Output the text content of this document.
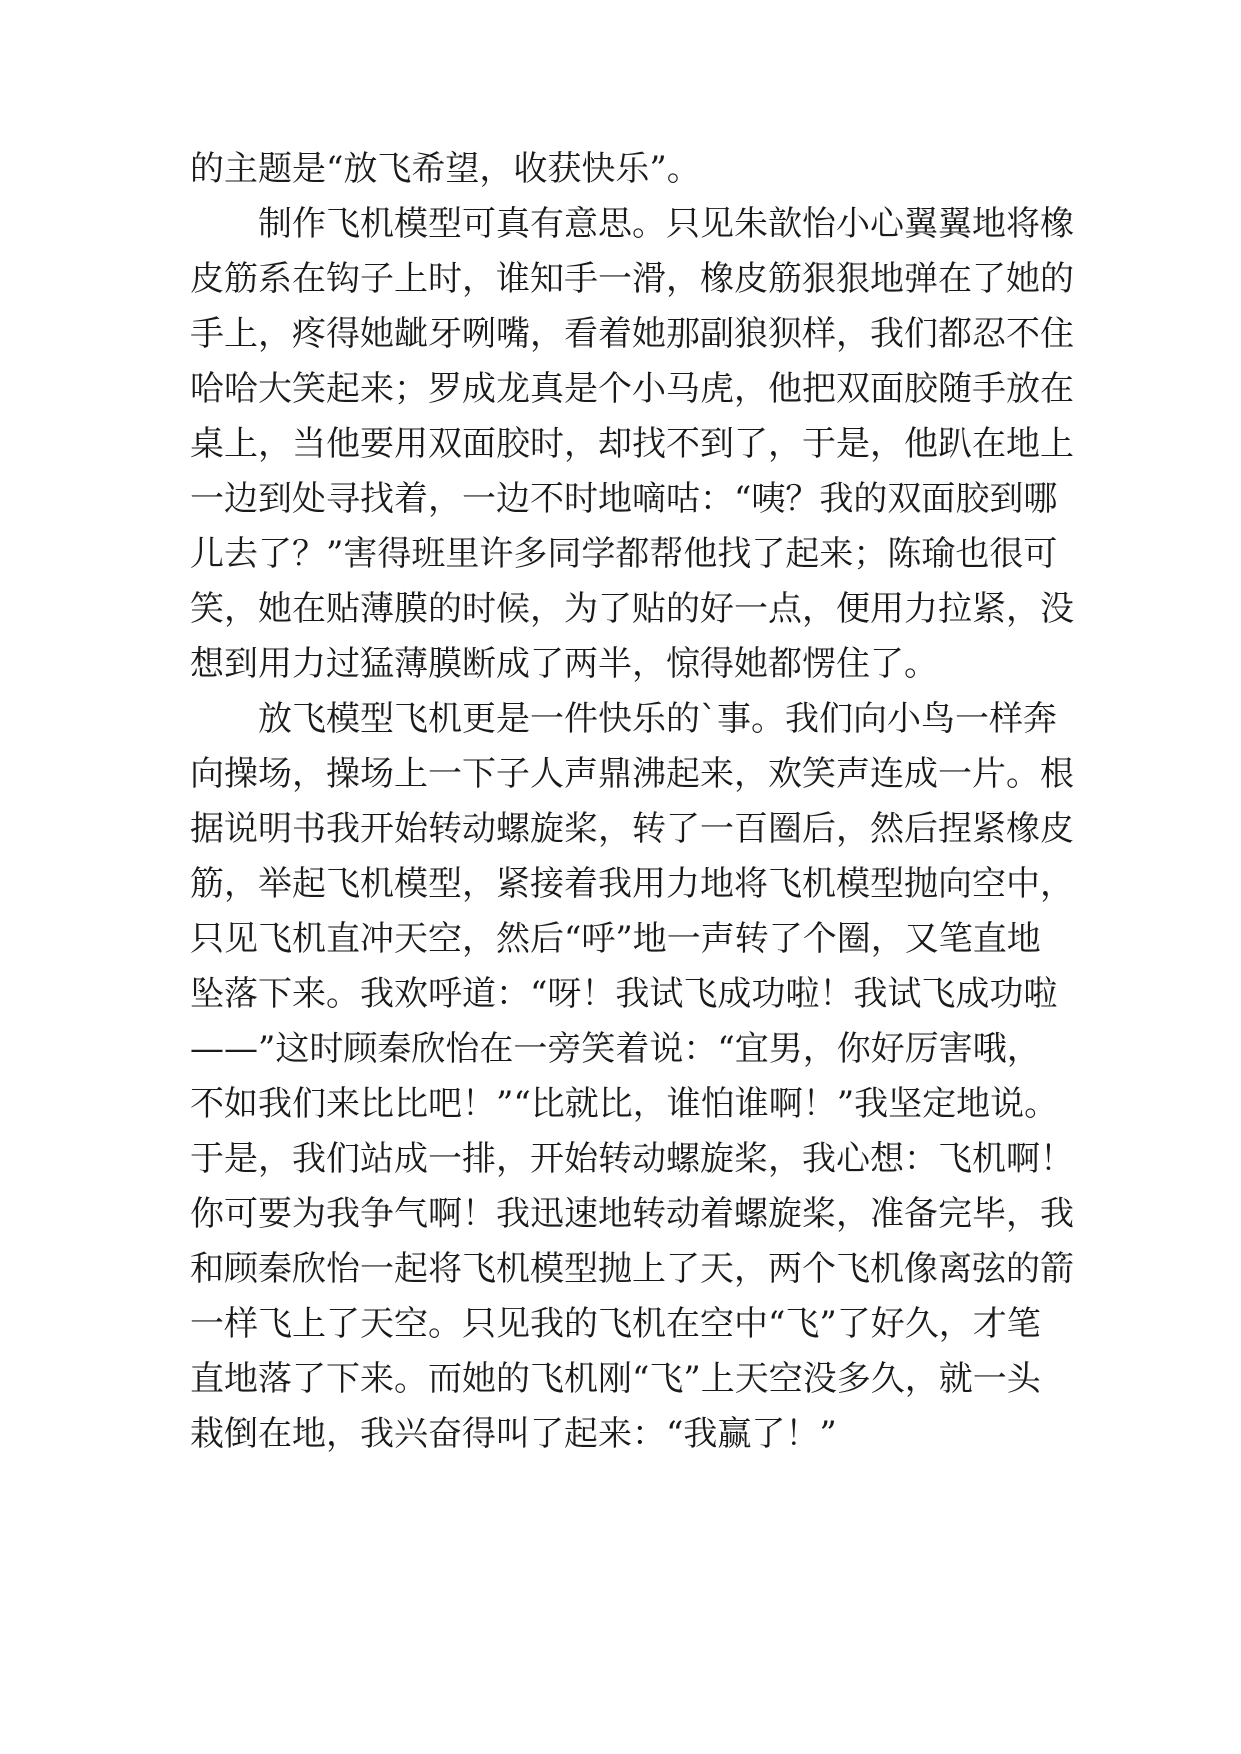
的主题是“放飞希望，收获快乐”。
制作飞机模型可真有意思。只见朱歆怡小心翼翼地将橡
皮筋系在钩子上时，谁知手一滑，橡皮筋狠狠地弹在了她的
手上，疼得她龇牙咧嘴，看着她那副狼狈样，我们都忍不住
哈哈大笑起来；罗成龙真是个小马虎，他把双面胶随手放在
桌上，当他要用双面胶时，却找不到了，于是，他趴在地上
一边到处寻找着，一边不时地嘀咕：“咦？我的双面胶到哪
儿去了？”害得班里许多同学都帮他找了起来；陈瑜也很可
笑，她在贴薄膜的时候，为了贴的好一点，便用力拉紧，没
想到用力过猛薄膜断成了两半，惊得她都愣住了。
放飞模型飞机更是一件快乐的`事。我们向小鸟一样奔
向操场，操场上一下子人声鼎沸起来，欢笑声连成一片。根
据说明书我开始转动螺旋桨，转了一百圈后，然后捏紧橡皮
筋，举起飞机模型，紧接着我用力地将飞机模型抛向空中，
只见飞机直冲天空，然后“呼”地一声转了个圈，又笔直地
坠落下来。我欢呼道：“呀！我试飞成功啦！我试飞成功啦
——”这时顾秦欣怡在一旁笑着说：“宜男，你好厉害哦，
不如我们来比比吧！”“比就比，谁怕谁啊！”我坚定地说。
于是，我们站成一排，开始转动螺旋桨，我心想：飞机啊！
你可要为我争气啊！我迅速地转动着螺旋桨，准备完毕，我
和顾秦欣怡一起将飞机模型抛上了天，两个飞机像离弦的箭
一样飞上了天空。只见我的飞机在空中“飞”了好久，才笔
直地落了下来。而她的飞机刚“飞”上天空没多久，就一头
栽倒在地，我兴奋得叫了起来：“我赢了！”
